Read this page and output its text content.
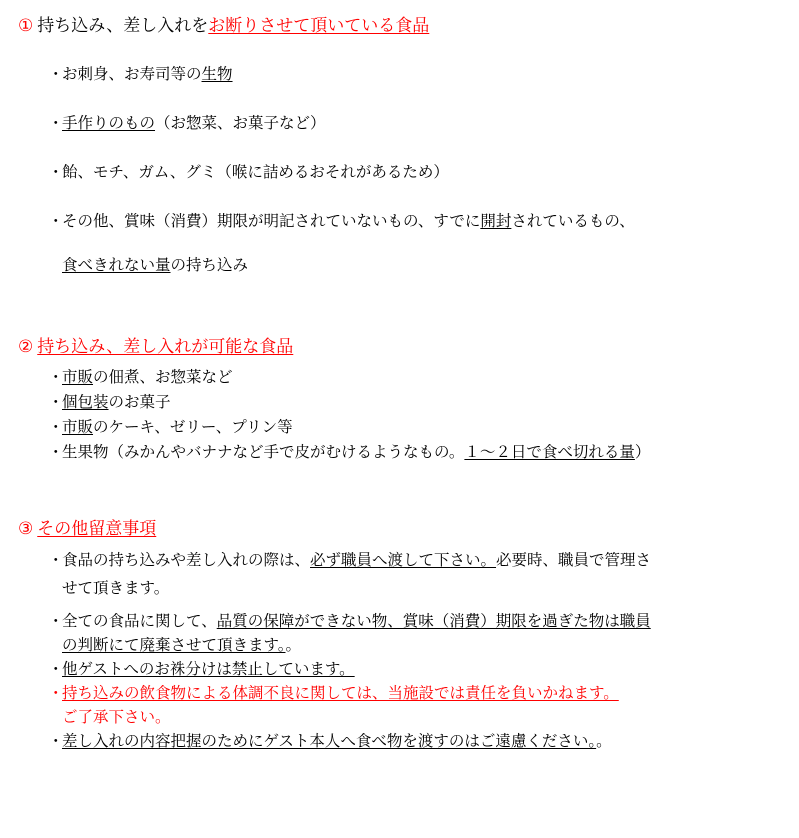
① 持ち込み、差し入れを お断りさせて頂いている食品
・
お刺身、お寿司等の生物
・
手作りのもの（お惣菜、お菓子など）
・
飴、モチ、ガム、グミ（喉に詰めるおそれがあるため）
・
その他、賞味（消費）期限が明記されていないもの、すでに開封されているもの、
食べきれない量の持ち込み
② 持ち込み、差し入れが可能な食品
・
市販の佃煮、お惣菜など
・
個包装のお菓子
・
市販のケーキ、ゼリー、プリン等
・
生果物（みかんやバナナなど手で皮がむけるようなもの。１～２日で食べ切れる量）
③ その他留意事項
・
食品の持ち込みや差し入れの際は、必ず職員へ渡して下さい。必要時、職員で管理さ
せて頂きます。
・
全ての食品に関して、品質の保障ができない物、賞味（消費）期限を過ぎた物は職員
の判断にて廃棄させて頂きます。。
・
他ゲストへのお袾分けは禁止しています。
・
持ち込みの飲食物による体調不良に関しては、当施設では責任を負いかねます。
ご了承下さい。
・
差し入れの内容把握のためにゲスト本人へ食べ物を渡すのはご遠慮ください。。
